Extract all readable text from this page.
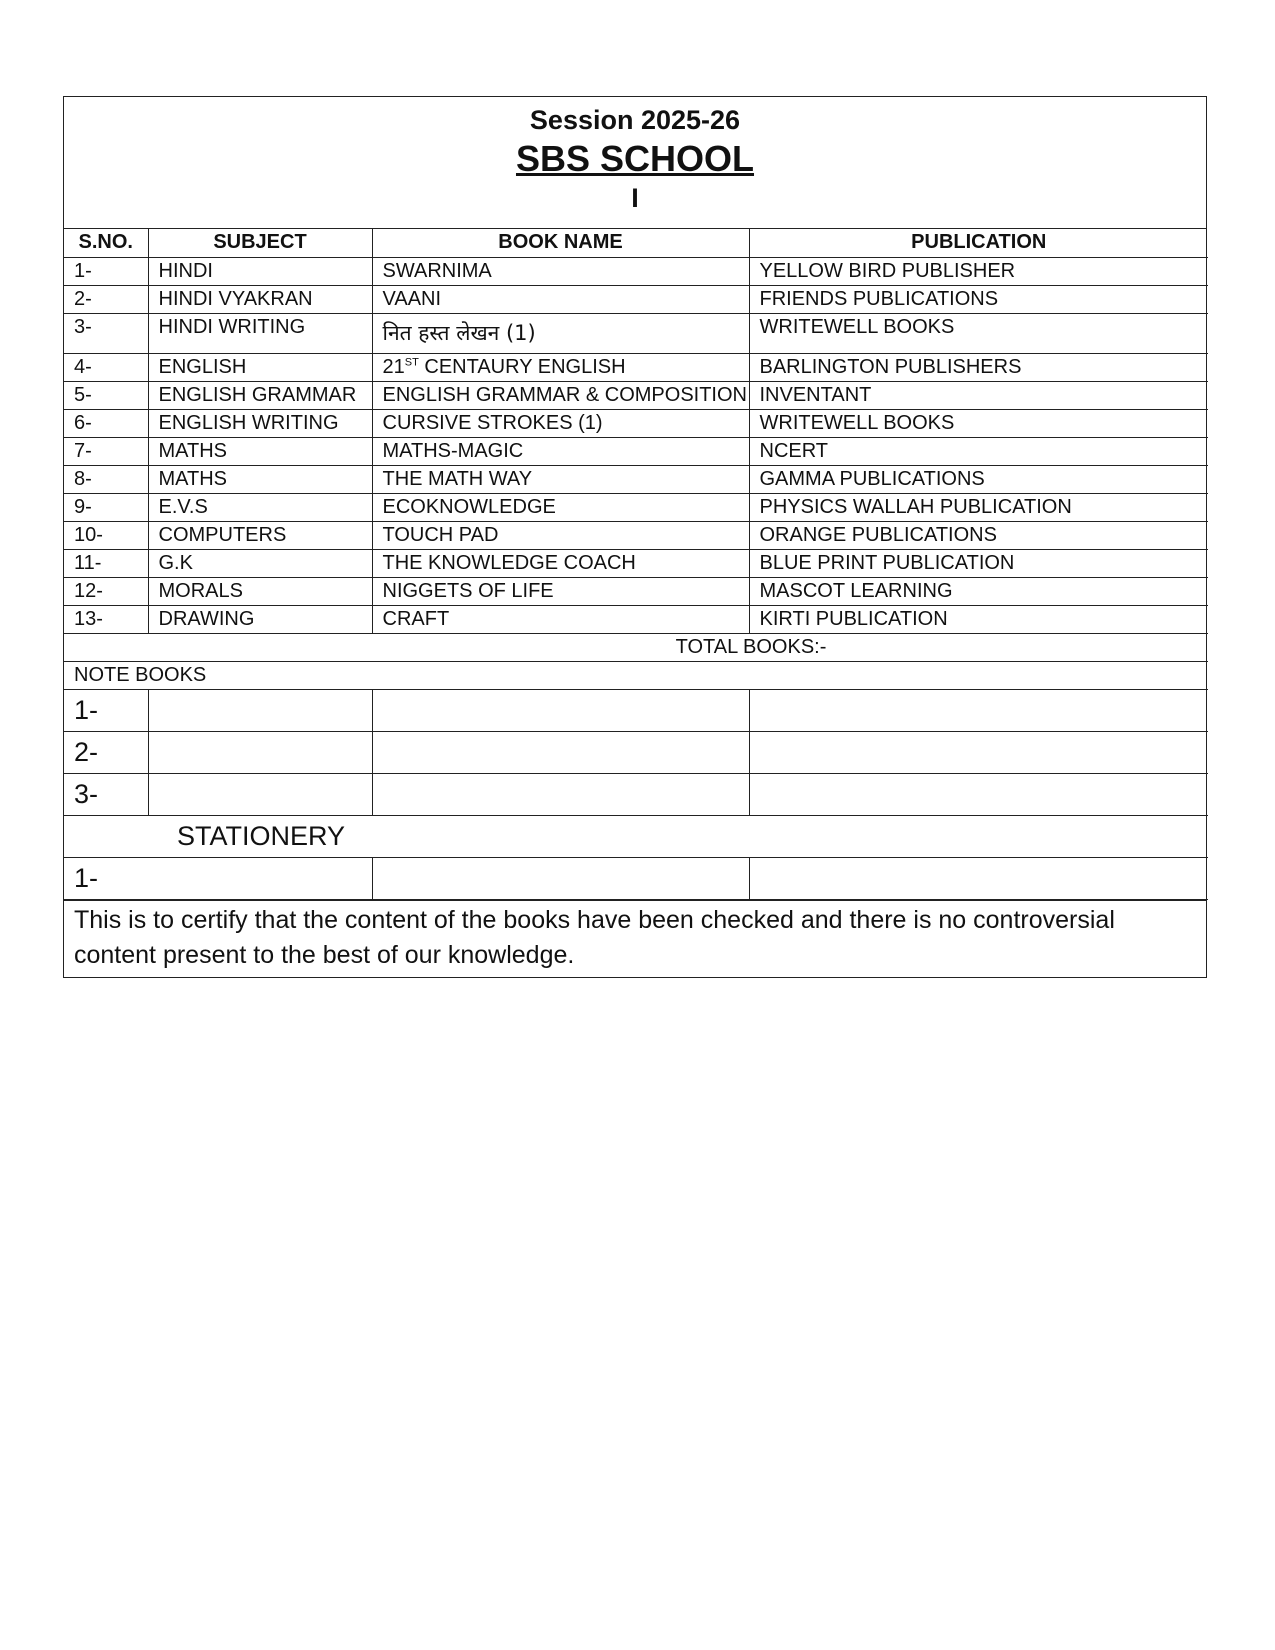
Session 2025-26
SBS SCHOOL
I
S.NO.	SUBJECT	BOOK NAME	PUBLICATION
1-	HINDI	SWARNIMA	YELLOW BIRD PUBLISHER
2-	HINDI VYAKRAN	VAANI	FRIENDS PUBLICATIONS
3-	HINDI WRITING	नित हस्त लेखन (1)	WRITEWELL BOOKS
4-	ENGLISH	21ST CENTAURY ENGLISH	BARLINGTON PUBLISHERS
5-	ENGLISH GRAMMAR	ENGLISH GRAMMAR & COMPOSITION	INVENTANT
6-	ENGLISH WRITING	CURSIVE STROKES (1)	WRITEWELL BOOKS
7-	MATHS	MATHS-MAGIC	NCERT
8-	MATHS	THE MATH WAY	GAMMA PUBLICATIONS
9-	E.V.S	ECOKNOWLEDGE	PHYSICS WALLAH PUBLICATION
10-	COMPUTERS	TOUCH PAD	ORANGE PUBLICATIONS
11-	G.K	THE KNOWLEDGE COACH	BLUE PRINT PUBLICATION
12-	MORALS	NIGGETS OF LIFE	MASCOT LEARNING
13-	DRAWING	CRAFT	KIRTI PUBLICATION
TOTAL BOOKS:-			
NOTE BOOKS			
1-			
2-			
3-			
STATIONERY			
1-			
This is to certify that the content of the books have been checked and there is no controversial content present to the best of our knowledge.
